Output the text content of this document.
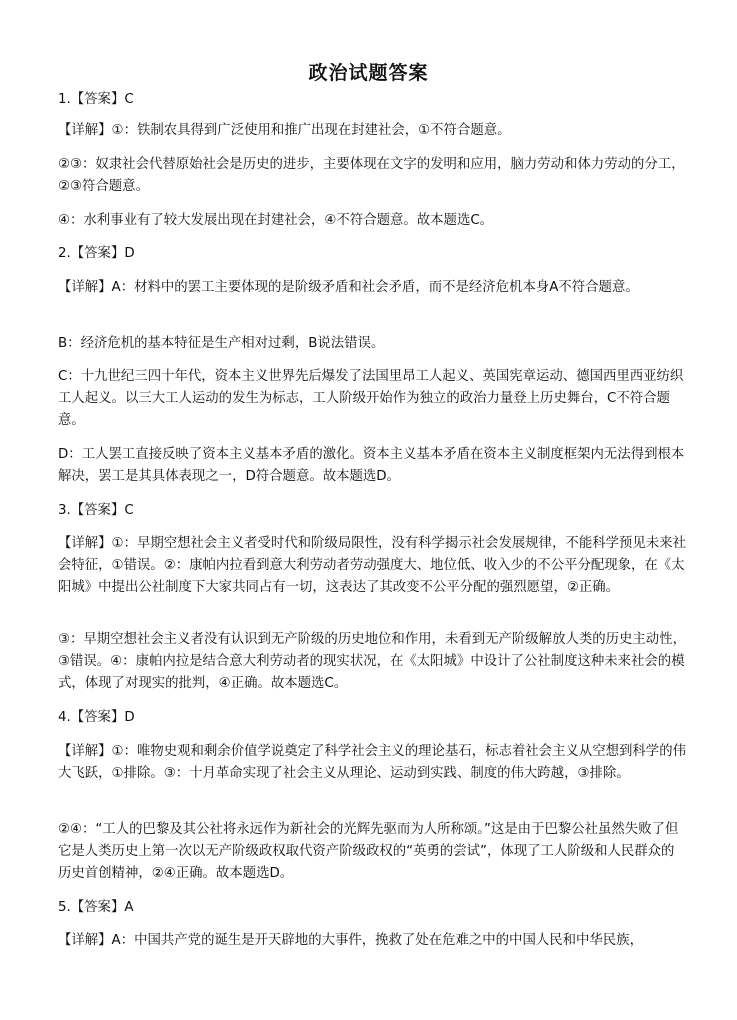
政治试题答案

1.【答案】C

【详解】①：铁制农具得到广泛使用和推广出现在封建社会，①不符合题意。

②③：奴隶社会代替原始社会是历史的进步，主要体现在文字的发明和应用，脑力劳动和体力劳动的分工，②③符合题意。

④：水利事业有了较大发展出现在封建社会，④不符合题意。故本题选C。

2.【答案】D

【详解】A：材料中的罢工主要体现的是阶级矛盾和社会矛盾，而不是经济危机本身A不符合题意。

B：经济危机的基本特征是生产相对过剩，B说法错误。

C：十九世纪三四十年代，资本主义世界先后爆发了法国里昂工人起义、英国宪章运动、德国西里西亚纺织工人起义。以三大工人运动的发生为标志，工人阶级开始作为独立的政治力量登上历史舞台，C不符合题意。

D：工人罢工直接反映了资本主义基本矛盾的激化。资本主义基本矛盾在资本主义制度框架内无法得到根本解决，罢工是其具体表现之一，D符合题意。故本题选D。

3.【答案】C

【详解】①：早期空想社会主义者受时代和阶级局限性，没有科学揭示社会发展规律，不能科学预见未来社会特征，①错误。②：康帕内拉看到意大利劳动者劳动强度大、地位低、收入少的不公平分配现象，在《太阳城》中提出公社制度下大家共同占有一切，这表达了其改变不公平分配的强烈愿望，②正确。

③：早期空想社会主义者没有认识到无产阶级的历史地位和作用，未看到无产阶级解放人类的历史主动性，③错误。④：康帕内拉是结合意大利劳动者的现实状况，在《太阳城》中设计了公社制度这种未来社会的模式，体现了对现实的批判，④正确。故本题选C。

4.【答案】D

【详解】①：唯物史观和剩余价值学说奠定了科学社会主义的理论基石，标志着社会主义从空想到科学的伟大飞跃，①排除。③：十月革命实现了社会主义从理论、运动到实践、制度的伟大跨越，③排除。

②④：“工人的巴黎及其公社将永远作为新社会的光辉先驱而为人所称颂。”这是由于巴黎公社虽然失败了但它是人类历史上第一次以无产阶级政权取代资产阶级政权的“英勇的尝试”，体现了工人阶级和人民群众的历史首创精神，②④正确。故本题选D。

5.【答案】A

【详解】A：中国共产党的诞生是开天辟地的大事件，挽救了处在危难之中的中国人民和中华民族，
